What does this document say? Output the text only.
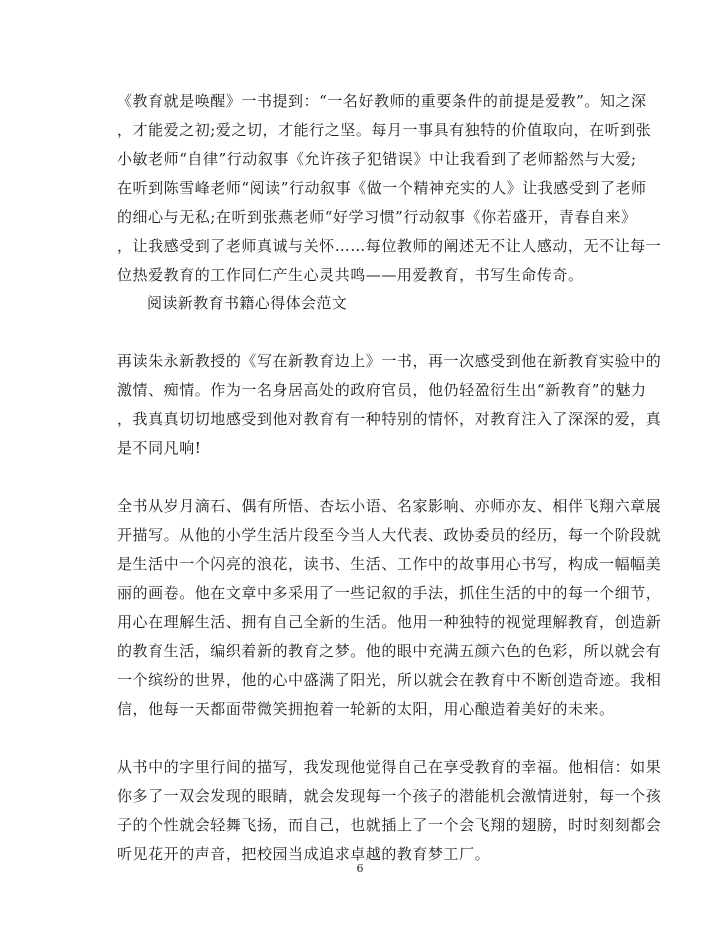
《教育就是唤醒》一书提到：“一名好教师的重要条件的前提是爱教”。知之深
，才能爱之初;爱之切，才能行之坚。每月一事具有独特的价值取向，在听到张
小敏老师“自律”行动叙事《允许孩子犯错误》中让我看到了老师豁然与大爱;
在听到陈雪峰老师“阅读”行动叙事《做一个精神充实的人》让我感受到了老师
的细心与无私;在听到张燕老师“好学习惯”行动叙事《你若盛开，青春自来》
，让我感受到了老师真诚与关怀……每位教师的阐述无不让人感动，无不让每一
位热爱教育的工作同仁产生心灵共鸣——用爱教育，书写生命传奇。
阅读新教育书籍心得体会范文
再读朱永新教授的《写在新教育边上》一书，再一次感受到他在新教育实验中的
激情、痴情。作为一名身居高处的政府官员，他仍轻盈衍生出“新教育”的魅力
，我真真切切地感受到他对教育有一种特别的情怀，对教育注入了深深的爱，真
是不同凡响!
全书从岁月滴石、偶有所悟、杏坛小语、名家影响、亦师亦友、相伴飞翔六章展
开描写。从他的小学生活片段至今当人大代表、政协委员的经历，每一个阶段就
是生活中一个闪亮的浪花，读书、生活、工作中的故事用心书写，构成一幅幅美
丽的画卷。他在文章中多采用了一些记叙的手法，抓住生活的中的每一个细节，
用心在理解生活、拥有自己全新的生活。他用一种独特的视觉理解教育，创造新
的教育生活，编织着新的教育之梦。他的眼中充满五颜六色的色彩，所以就会有
一个缤纷的世界，他的心中盛满了阳光，所以就会在教育中不断创造奇迹。我相
信，他每一天都面带微笑拥抱着一轮新的太阳，用心酿造着美好的未来。
从书中的字里行间的描写，我发现他觉得自己在享受教育的幸福。他相信：如果
你多了一双会发现的眼睛，就会发现每一个孩子的潜能机会激情迸射，每一个孩
子的个性就会轻舞飞扬，而自己，也就插上了一个会飞翔的翅膀，时时刻刻都会
听见花开的声音，把校园当成追求卓越的教育梦工厂。
6
